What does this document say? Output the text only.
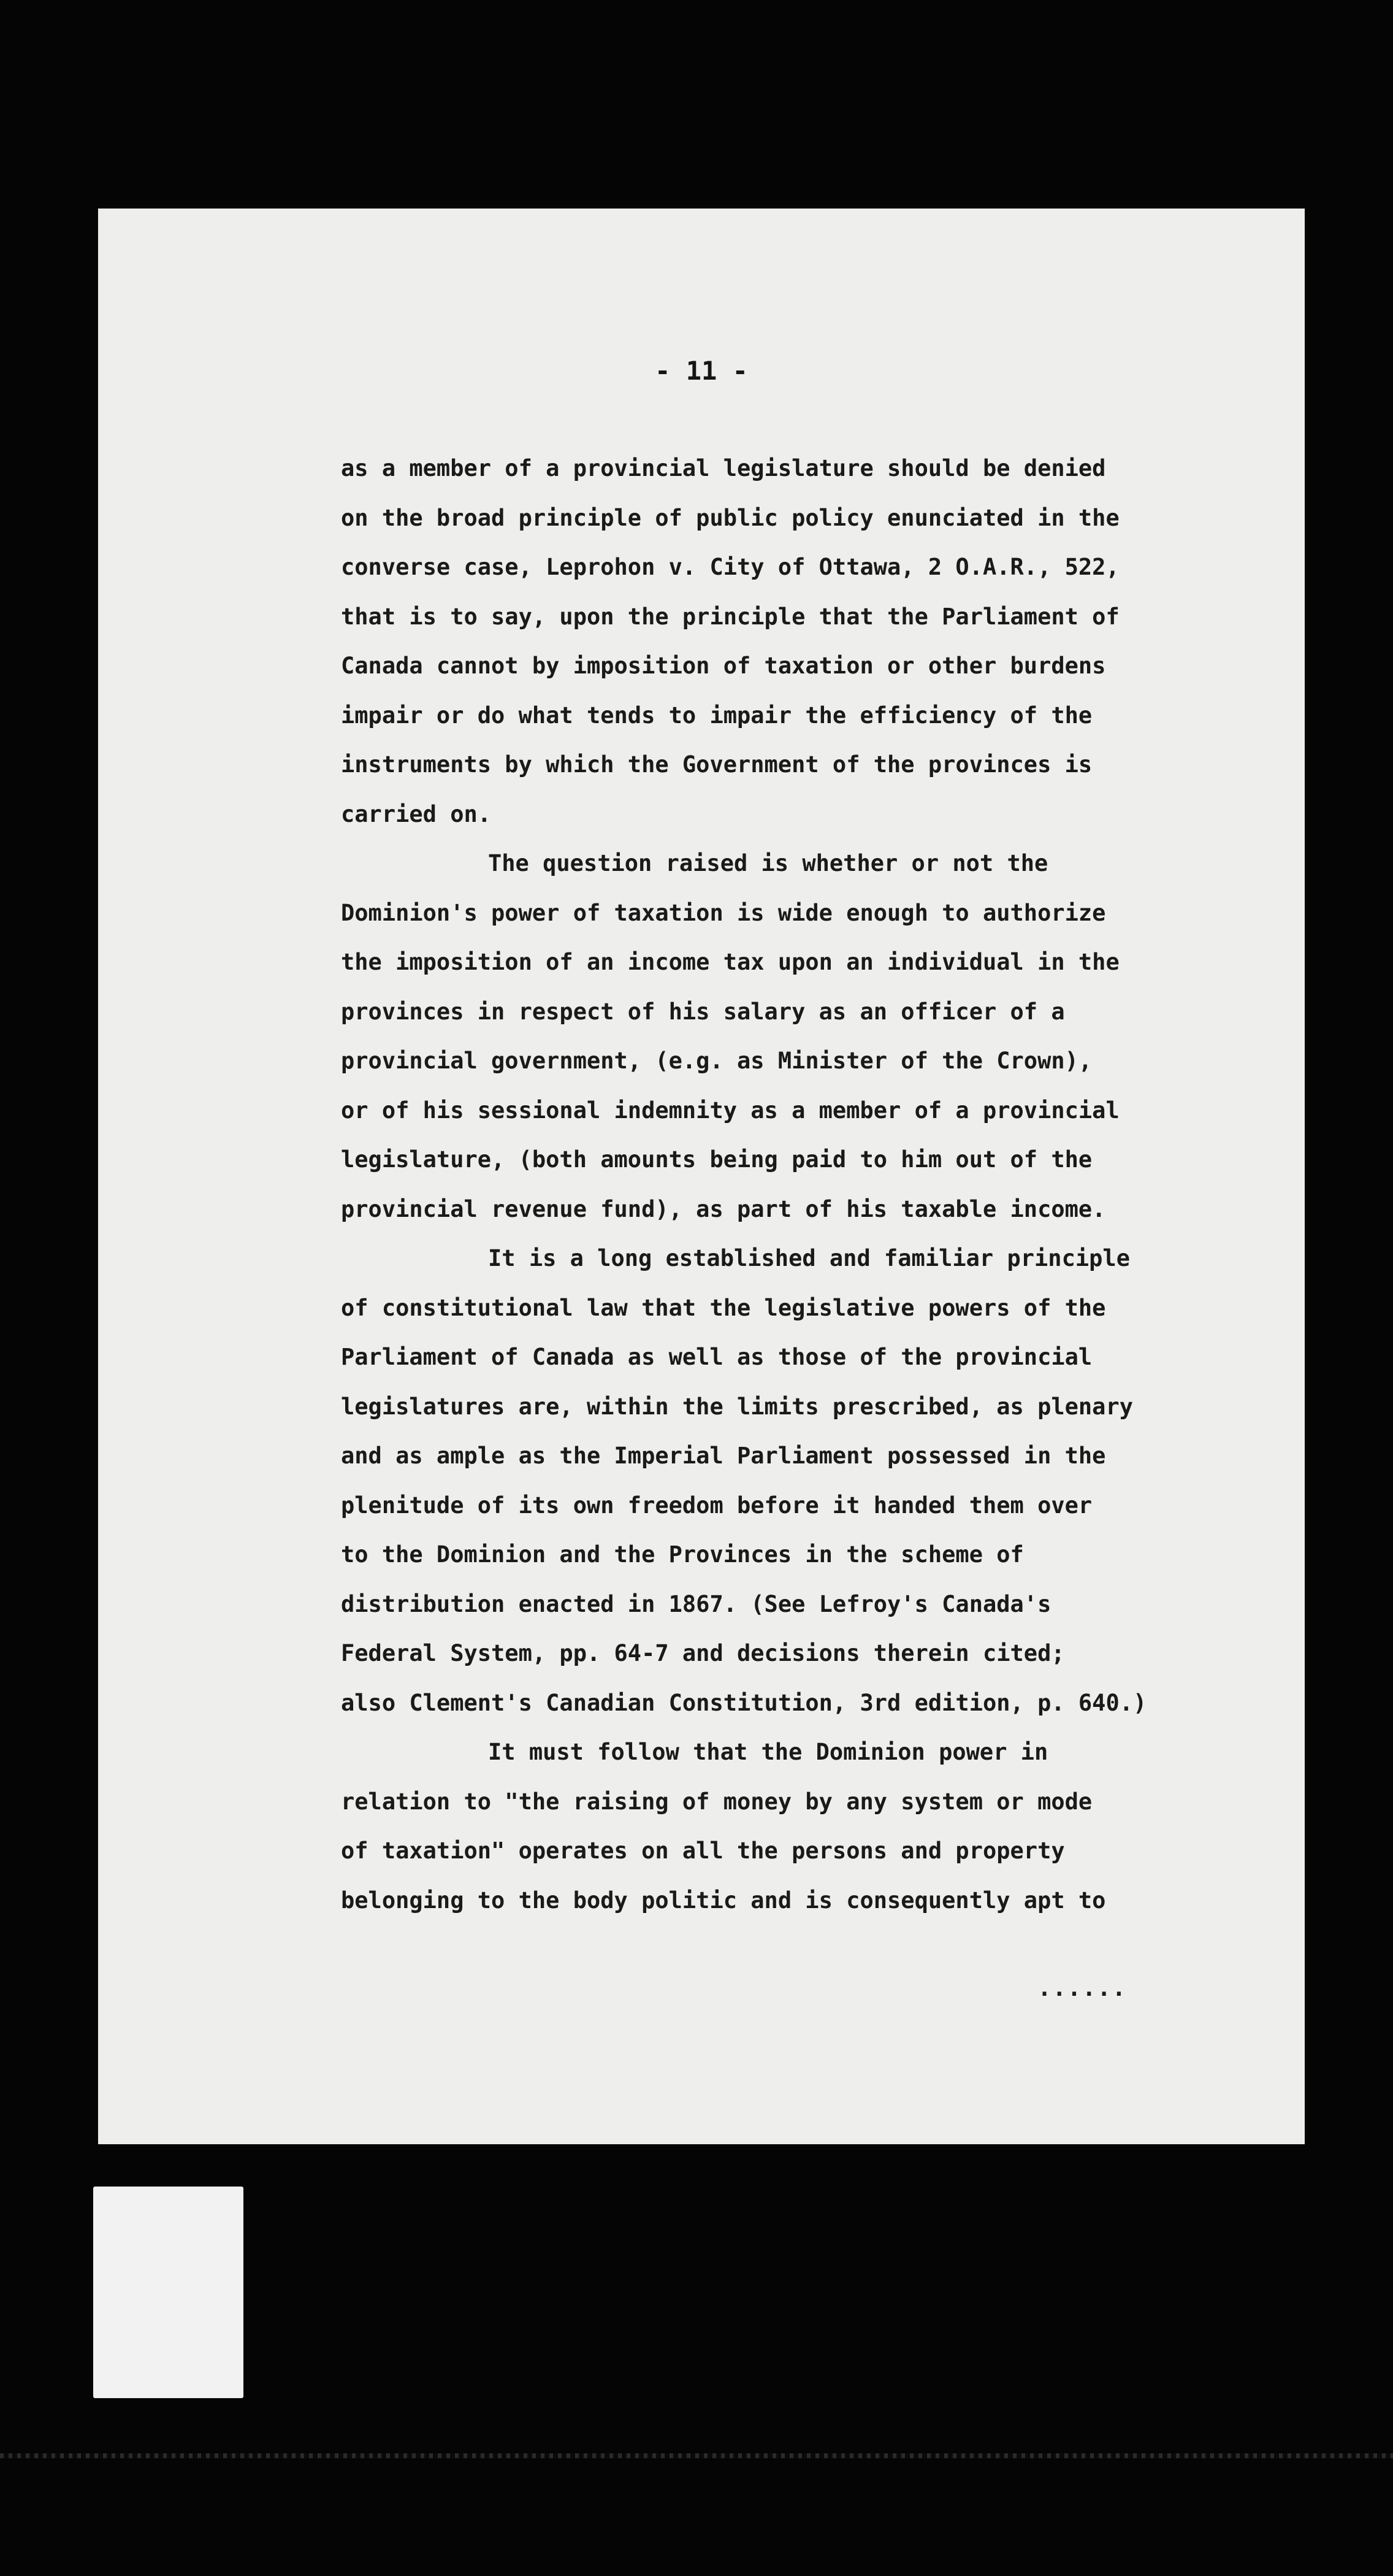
- 11 -
as a member of a provincial legislature should be denied
on the broad principle of public policy enunciated in the
converse case, Leprohon v. City of Ottawa, 2 O.A.R., 522,
that is to say, upon the principle that the Parliament of
Canada cannot by imposition of taxation or other burdens
impair or do what tends to impair the efficiency of the
instruments by which the Government of the provinces is
carried on.
The question raised is whether or not the
Dominion's power of taxation is wide enough to authorize
the imposition of an income tax upon an individual in the
provinces in respect of his salary as an officer of a
provincial government, (e.g. as Minister of the Crown),
or of his sessional indemnity as a member of a provincial
legislature, (both amounts being paid to him out of the
provincial revenue fund), as part of his taxable income.
It is a long established and familiar principle
of constitutional law that the legislative powers of the
Parliament of Canada as well as those of the provincial
legislatures are, within the limits prescribed, as plenary
and as ample as the Imperial Parliament possessed in the
plenitude of its own freedom before it handed them over
to the Dominion and the Provinces in the scheme of
distribution enacted in 1867. (See Lefroy's Canada's
Federal System, pp. 64-7 and decisions therein cited;
also Clement's Canadian Constitution, 3rd edition, p. 640.)
It must follow that the Dominion power in
relation to "the raising of money by any system or mode
of taxation" operates on all the persons and property
belonging to the body politic and is consequently apt to
......
